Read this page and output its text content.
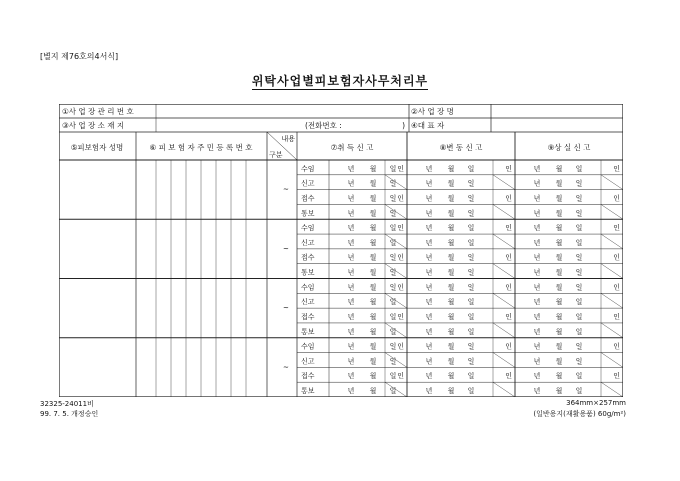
[별지 제76호의4서식]
위탁사업별피보험자사무처리부
①사 업 장 관 리 번 호	②사 업 장 명
③사 업 장 소 재 지	(전화번호 :	) ④대 표 자
⑤피보험자 성명	⑥ 피 보 험 자 주 민 등 록 번 호
내용
구분
⑦취 득 신 고	⑧변 동 신 고	⑨상 실 신 고
수임	년 월 일 인	년 월 일	인	년 월 일	인
신고	년 월 일	년 월 일	년 월 일
접수	년 월 일 인	년 월 일	인	년 월 일	인
통보	년 월 일	년 월 일	년 월 일
~
수임	년 월 일 인	년 월 일	인	년 월 일	인
신고	년 월 일	년 월 일	년 월 일
접수	년 월 일 인	년 월 일	인	년 월 일	인
통보	년 월 일	년 월 일	년 월 일
~
수임	년 월 일 인	년 월 일	인	년 월 일	인
신고	년 월 일	년 월 일	년 월 일
접수	년 월 일 인	년 월 일	인	년 월 일	인
통보	년 월 일	년 월 일	년 월 일
~
수임	년 월 일 인	년 월 일	인	년 월 일	인
신고	년 월 일	년 월 일	년 월 일
접수	년 월 일 인	년 월 일	인	년 월 일	인
통보	년 월 일	년 월 일	년 월 일
~
32325-24011비
99. 7. 5. 개정승인
364mm×257mm
(일반용지(재활용품) 60g/m²)
